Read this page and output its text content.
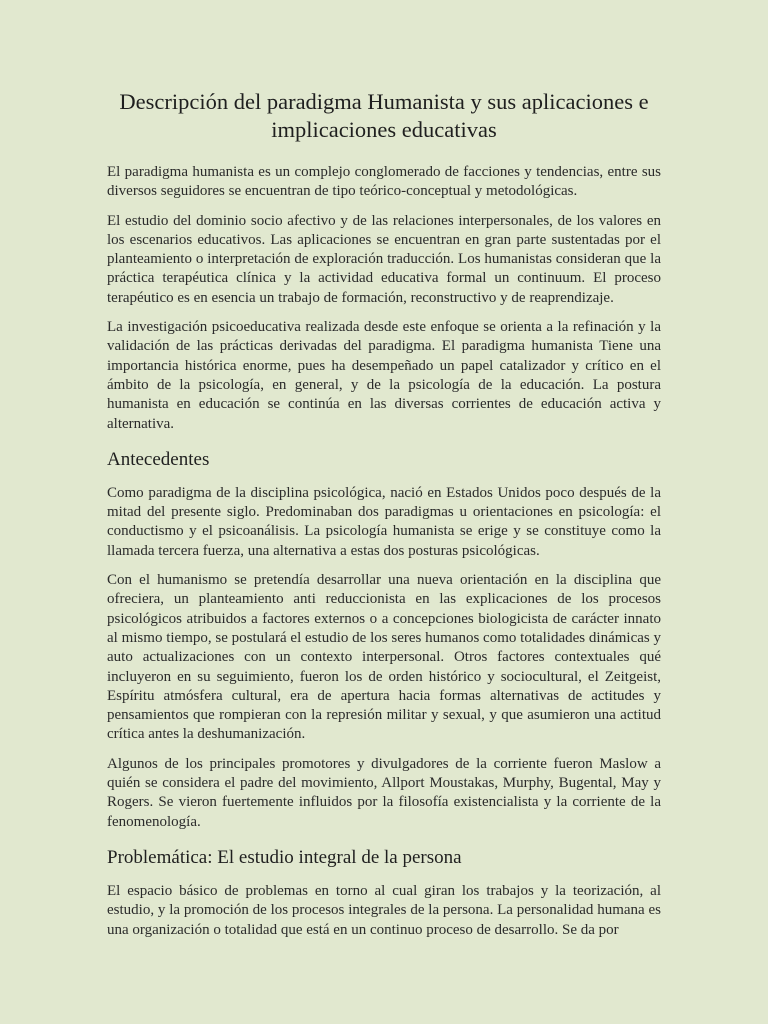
Descripción del paradigma Humanista y sus aplicaciones e
implicaciones educativas

El paradigma humanista es un complejo conglomerado de facciones y tendencias, entre sus diversos seguidores se encuentran de tipo teórico-conceptual y metodológicas.

El estudio del dominio socio afectivo y de las relaciones interpersonales, de los valores en los escenarios educativos. Las aplicaciones se encuentran en gran parte sustentadas por el planteamiento o interpretación de exploración traducción. Los humanistas consideran que la práctica terapéutica clínica y la actividad educativa formal un continuum. El proceso terapéutico es en esencia un trabajo de formación, reconstructivo y de reaprendizaje.

La investigación psicoeducativa realizada desde este enfoque se orienta a la refinación y la validación de las prácticas derivadas del paradigma. El paradigma humanista Tiene una importancia histórica enorme, pues ha desempeñado un papel catalizador y crítico en el ámbito de la psicología, en general, y de la psicología de la educación. La postura humanista en educación se continúa en las diversas corrientes de educación activa y alternativa.

Antecedentes

Como paradigma de la disciplina psicológica, nació en Estados Unidos poco después de la mitad del presente siglo. Predominaban dos paradigmas u orientaciones en psicología: el conductismo y el psicoanálisis. La psicología humanista se erige y se constituye como la llamada tercera fuerza, una alternativa a estas dos posturas psicológicas.

Con el humanismo se pretendía desarrollar una nueva orientación en la disciplina que ofreciera, un planteamiento anti reduccionista en las explicaciones de los procesos psicológicos atribuidos a factores externos o a concepciones biologicista de carácter innato al mismo tiempo, se postulará el estudio de los seres humanos como totalidades dinámicas y auto actualizaciones con un contexto interpersonal. Otros factores contextuales qué incluyeron en su seguimiento, fueron los de orden histórico y sociocultural, el Zeitgeist, Espíritu atmósfera cultural, era de apertura hacia formas alternativas de actitudes y pensamientos que rompieran con la represión militar y sexual, y que asumieron una actitud crítica antes la deshumanización.

Algunos de los principales promotores y divulgadores de la corriente fueron Maslow a quién se considera el padre del movimiento, Allport Moustakas, Murphy, Bugental, May y Rogers. Se vieron fuertemente influidos por la filosofía existencialista y la corriente de la fenomenología.

Problemática: El estudio integral de la persona

El espacio básico de problemas en torno al cual giran los trabajos y la teorización, al estudio, y la promoción de los procesos integrales de la persona. La personalidad humana es una organización o totalidad que está en un continuo proceso de desarrollo. Se da por
